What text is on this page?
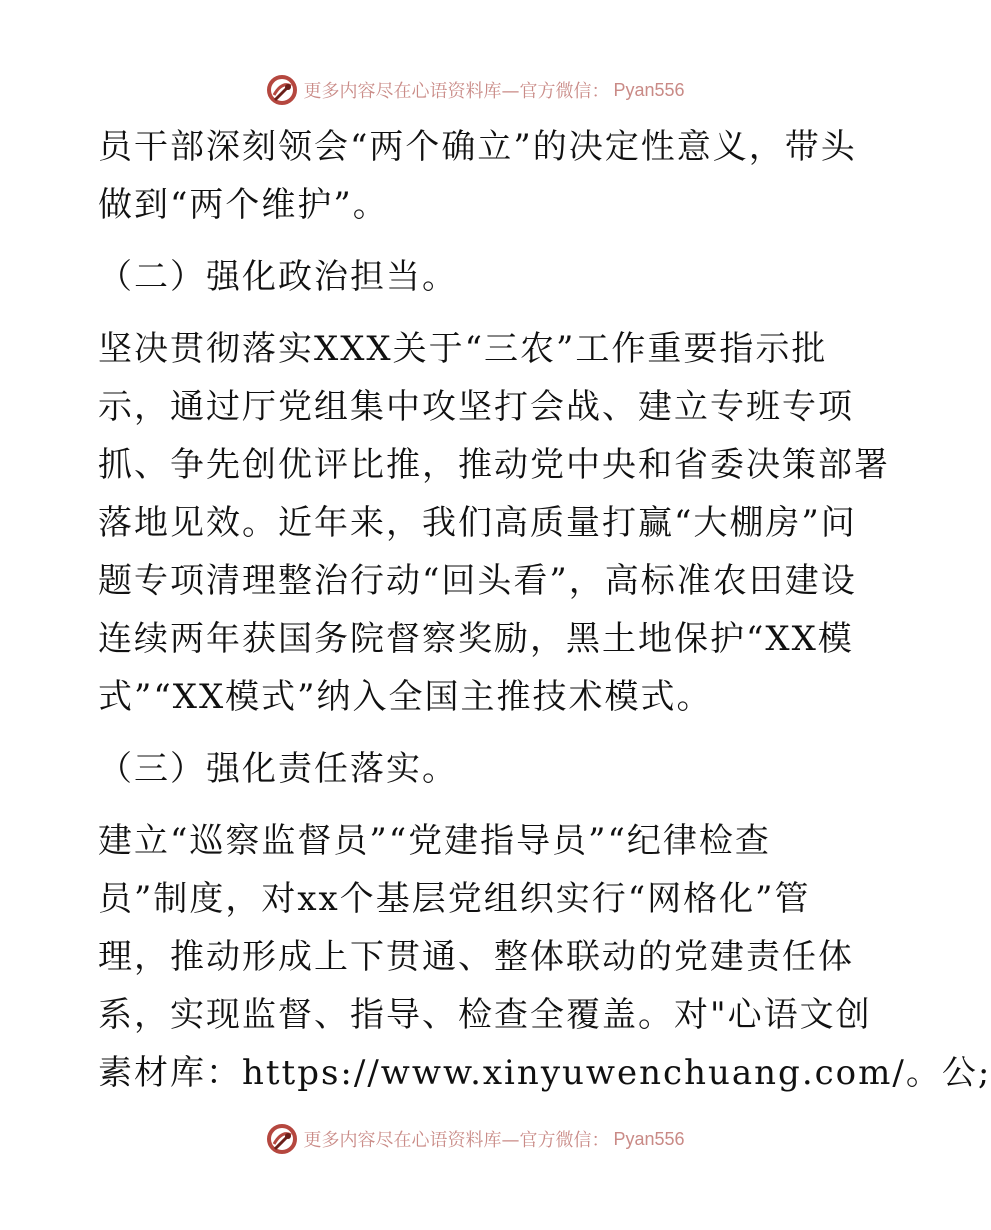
更多内容尽在心语资料库—官方微信： Pyan556
员干部深刻领会“两个确立”的决定性意义，带头
做到“两个维护”。
（二）强化政治担当。
坚决贯彻落实XXX关于“三农”工作重要指示批
示，通过厅党组集中攻坚打会战、建立专班专项
抓、争先创优评比推，推动党中央和省委决策部署
落地见效。近年来，我们高质量打赢“大棚房”问
题专项清理整治行动“回头看”，高标准农田建设
连续两年获国务院督察奖励，黑土地保护“XX模
式”“XX模式”纳入全国主推技术模式。
（三）强化责任落实。
建立“巡察监督员”“党建指导员”“纪律检查
员”制度，对xx个基层党组织实行“网格化”管
理，推动形成上下贯通、整体联动的党建责任体
系，实现监督、指导、检查全覆盖。对"心语文创
素材库：https://www.xinyuwenchuang.com/。公;
更多内容尽在心语资料库—官方微信： Pyan556
